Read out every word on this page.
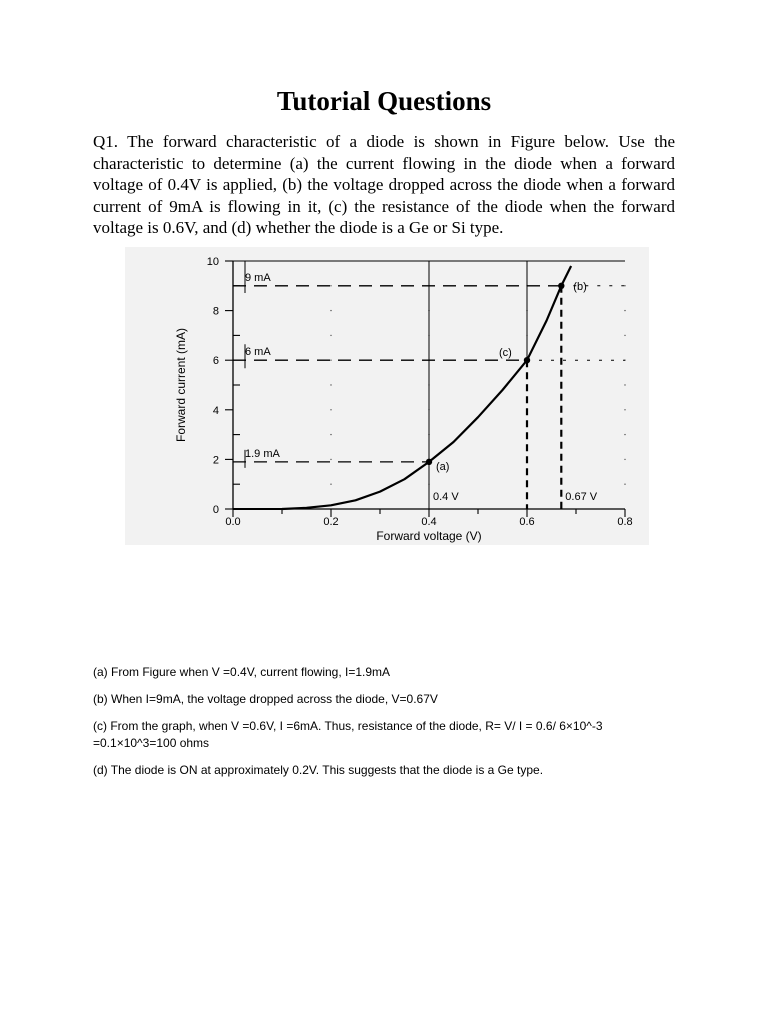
Tutorial Questions
Q1. The forward characteristic of a diode is shown in Figure below. Use the characteristic to determine (a) the current flowing in the diode when a forward voltage of 0.4V is applied, (b) the voltage dropped across the diode when a forward current of 9mA is flowing in it, (c) the resistance of the diode when the forward voltage is 0.6V, and (d) whether the diode is a Ge or Si type.
0
2
4
6
8
10
0.0	0.2	0.4	0.6	0.8
Forward voltage (V)
Forward current (mA)
1.9 mA
(a)
0.4 V
9 mA
(b)
0.67 V
6 mA	(c)

(a) From Figure when V =0.4V, current flowing, I=1.9mA

(b) When I=9mA, the voltage dropped across the diode, V=0.67V

(c) From the graph, when V =0.6V, I =6mA. Thus, resistance of the diode, R= V/ I = 0.6/ 6×10^-3 =0.1×10^3=100 ohms

(d) The diode is ON at approximately 0.2V. This suggests that the diode is a Ge type.
